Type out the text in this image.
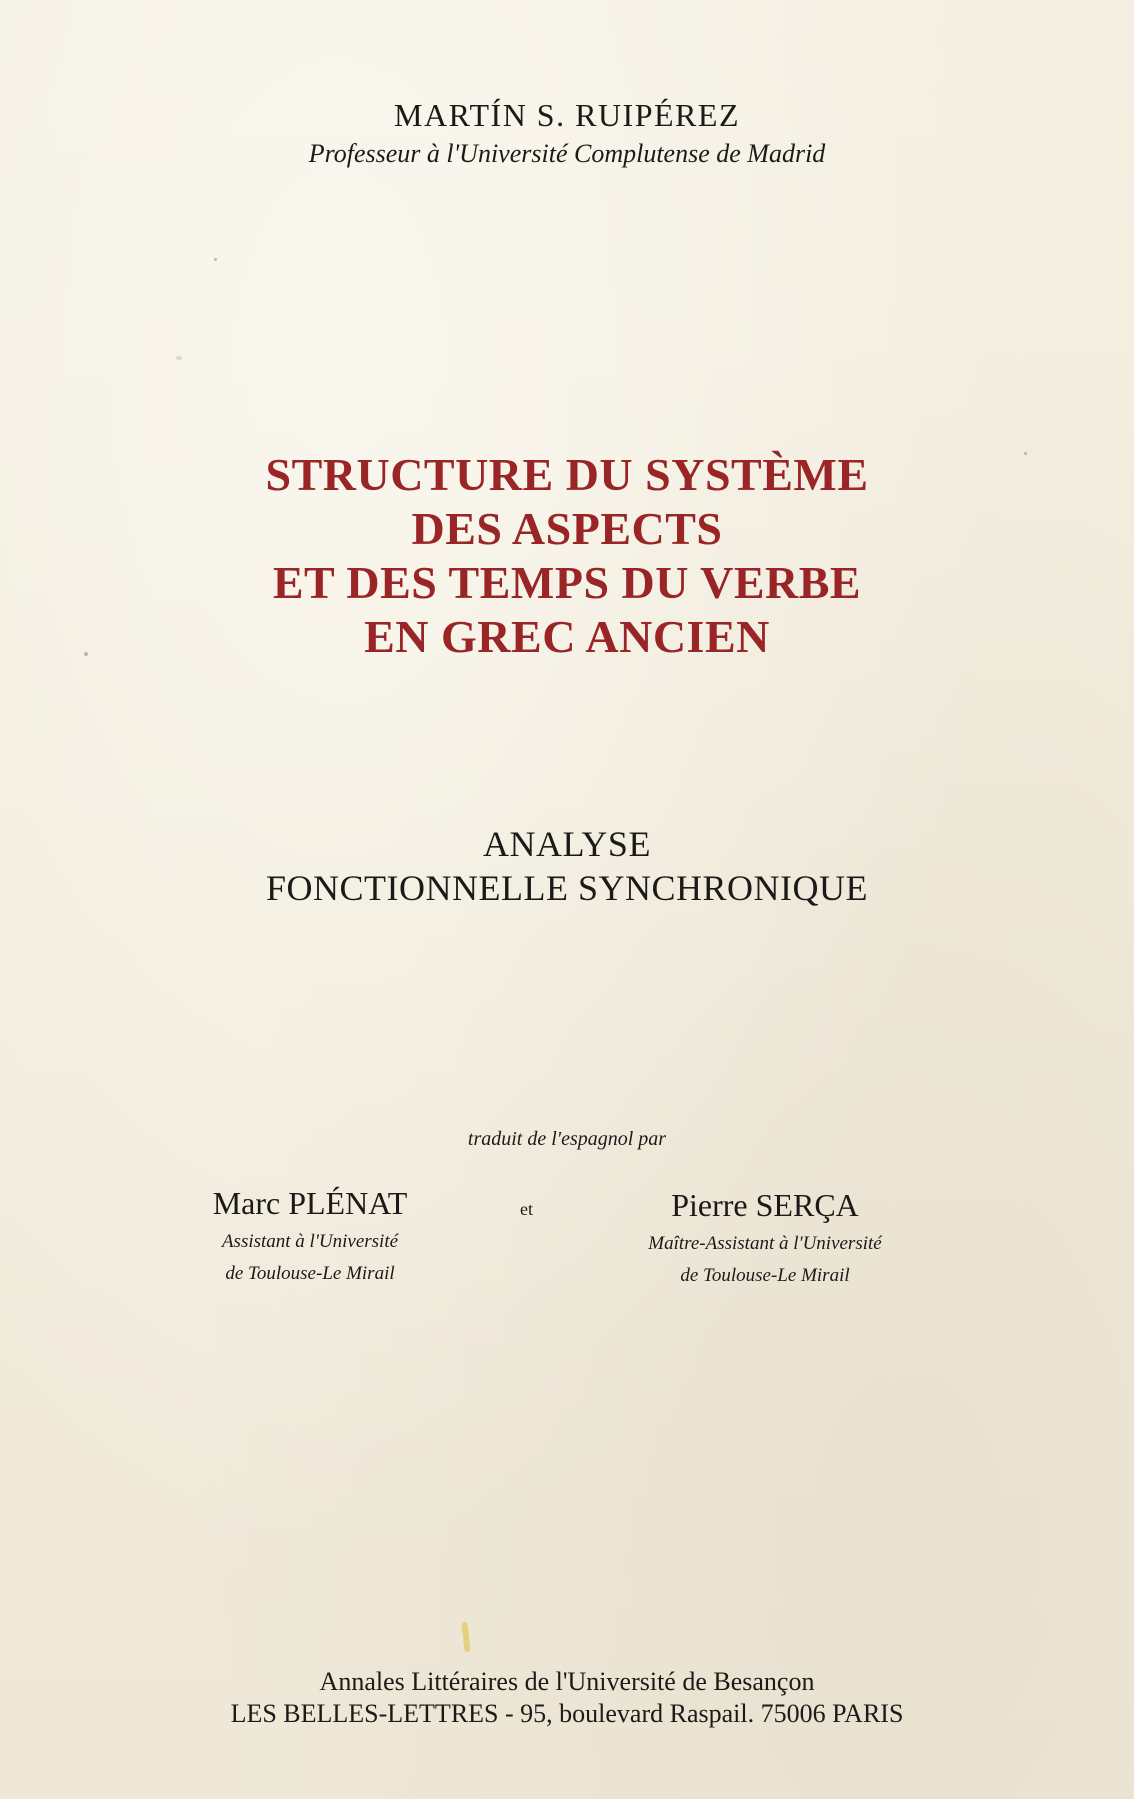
MARTÍN S. RUIPÉREZ
Professeur à l'Université Complutense de Madrid
STRUCTURE DU SYSTÈME
DES ASPECTS
ET DES TEMPS DU VERBE
EN GREC ANCIEN
ANALYSE
FONCTIONNELLE SYNCHRONIQUE
traduit de l'espagnol par
Marc PLÉNAT
Assistant à l'Université
de Toulouse-Le Mirail
et	Pierre SERÇA
Maître-Assistant à l'Université
de Toulouse-Le Mirail
Annales Littéraires de l'Université de Besançon
LES BELLES-LETTRES - 95, boulevard Raspail. 75006 PARIS
